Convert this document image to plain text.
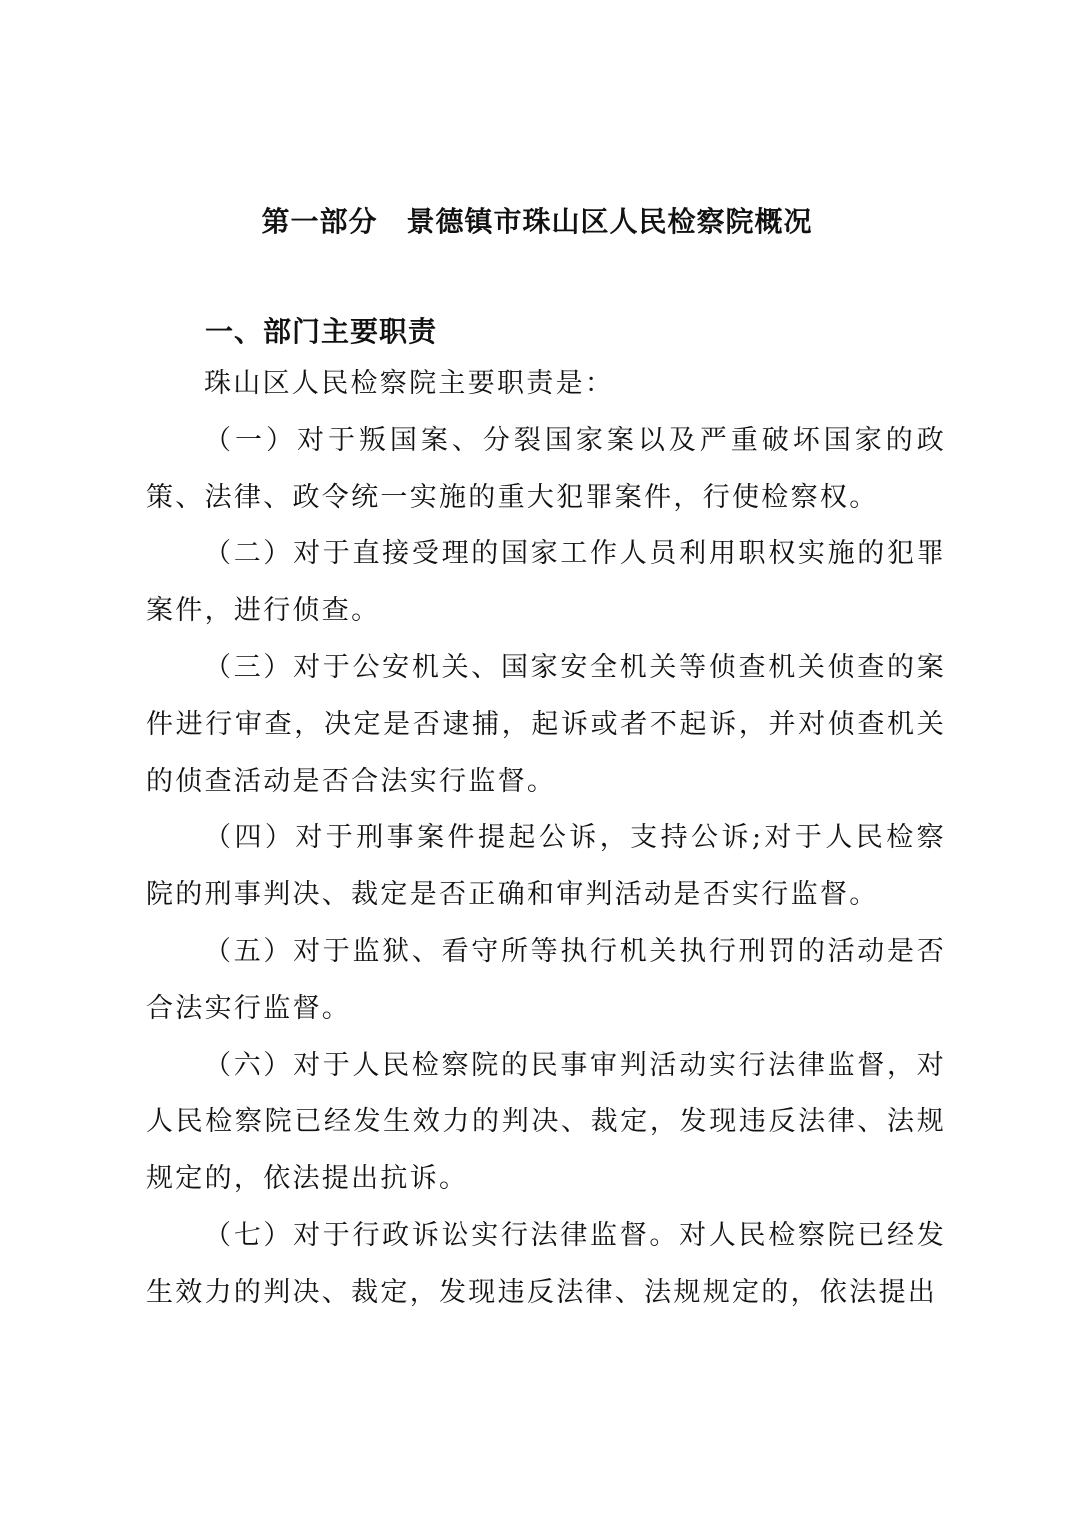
第一部分　景德镇市珠山区人民检察院概况
一、部门主要职责

珠山区人民检察院主要职责是：

（一）对于叛国案、分裂国家案以及严重破坏国家的政策、法律、政令统一实施的重大犯罪案件，行使检察权。

（二）对于直接受理的国家工作人员利用职权实施的犯罪案件，进行侦查。

（三）对于公安机关、国家安全机关等侦查机关侦查的案件进行审查，决定是否逮捕，起诉或者不起诉，并对侦查机关的侦查活动是否合法实行监督。

（四）对于刑事案件提起公诉，支持公诉;对于人民检察院的刑事判决、裁定是否正确和审判活动是否实行监督。

（五）对于监狱、看守所等执行机关执行刑罚的活动是否合法实行监督。

（六）对于人民检察院的民事审判活动实行法律监督，对人民检察院已经发生效力的判决、裁定，发现违反法律、法规规定的，依法提出抗诉。

（七）对于行政诉讼实行法律监督。对人民检察院已经发生效力的判决、裁定，发现违反法律、法规规定的，依法提出
